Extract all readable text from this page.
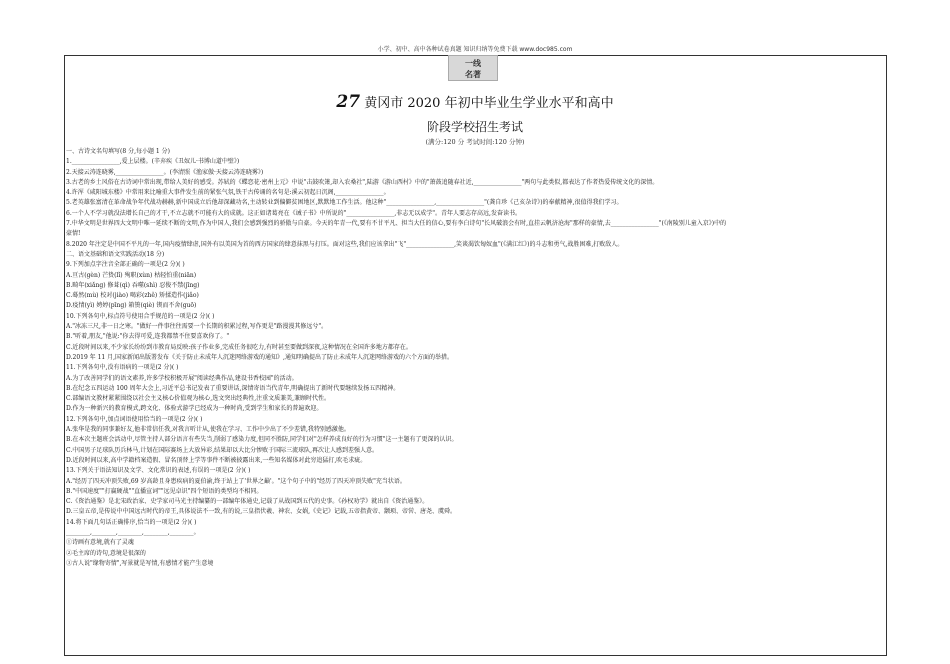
小学、初中、高中各种试卷真题 知识归纳等免费下载 www.doc985.com
一线
名著
27 黄冈市 2020 年初中毕业生学业水平和高中
阶段学校招生考试
(满分:120 分 考试时间:120 分钟)
一、古诗文名句填写(8 分,每小题 1 分)
1.________________,爱上层楼。(辛弃疾《丑奴儿·书博山道中壁》)
2.天接云涛连晓雾,________________。(李清照《渔家傲·天接云涛连晓雾》)
3.古老的乡土风俗在古诗词中常出现,带给人美好的感受。苏轼的《蝶恋花·密州上元》中说"击鼓吹箫,却入农桑社",陆游《游山西村》中的"箫鼓追随春社近,________________"两句与此类似,都表达了作者热爱传统文化的深情。
4.许浑《咸阳城东楼》中常用来比喻重大事件发生前的紧张气氛,铁干古传诵的名句是:溪云初起日沉阁,________________。
5.老英雄张富清在革命战争年代战功赫赫,新中国成立后他却深藏功名,主动转业到偏僻贫困地区,默默地工作生活。他这种"________________,________________"(龚自珍《己亥杂诗》)的奉献精神,很值得我们学习。
6.一个人不学习就没法增长自己的才干,不立志就不可能有大的成就。这正如诸葛亮在《诫子书》中所说的"________________,非志无以成学"。青年人要志存高远,发奋读书。
7.中华文明是世界四大文明中唯一延续不断的文明,作为中国人,我们会感到强烈的骄傲与自豪。今天的年青一代,要有不甘平凡、担当大任的信心,要有李白诗句"长风破浪会有时,直挂云帆济沧海"那样的豪情,去________________"(《南陵别儿童入京》)中的
豪情!
8.2020 年注定是中国不平凡的一年,国内疫情肆虐,国外有以美国为首的西方国家的肆意抹黑与打压。面对这些,我们应该拿出"飞"________________,笑谈渴饮匈奴血"(《满江红》)的斗志和勇气,战胜困难,打败敌人。
二、语文基础和语文实践活动(18 分)
9.下列加点字注音全部正确的一项是(2 分)( )
A.亘古(gèn) 芒贽(lǐ) 殉职(xùn) 枯轻怕重(niān)
B.畸年(xiǎng) 修葺(qì) 吞噬(shì) 忍俊不禁(jīng)
C.蓦然(mù) 校对(jiào) 喝彩(zhě) 矫揉造作(jiǎo)
D.疫情(yì) 娉婷(pīng) 箱篑(qiè) 锲而不舍(guō)
10.下列各句中,标点符号使用合乎规范的一项是(2 分)( )
A."冰冻三尺,非一日之寒。"做好一件事往往需要一个长期的积累过程,写作更是"路漫漫其修远兮"。
B."听着,朋友,"他说:"你去得可爱,连我都禁不住要喜欢你了。"
C.近段时间以来,不少家长纷纷到市教育局反映:孩子作业多,完成任务很吃力,有时甚至要做到深夜,这种情况在全国许多地方都存在。
D.2019 年 11 月,国家新闻出版署发布《关于防止未成年人沉迷网络游戏的通知》,通知明确提出了防止未成年人沉迷网络游戏的六个方面的举措。
11.下列各句中,没有语病的一项是(2 分)( )
A.为了改善同学们的语文素养,许多学校积极开展"阅读经典作品,建设书香校园"的活动。
B.在纪念五四运动 100 周年大会上,习近平总书记发表了重要讲话,深情寄语当代青年,明确提出了新时代要继续发扬五四精神。
C.部编语文教材紧紧围绕以社会主义核心价值观为核心,选文突出经典性,注重文质兼美,兼顾时代性。
D.作为一种新兴的教育模式,跨文化、体验式游学已经成为一种时尚,受到学生和家长的普遍欢迎。
12.下列各句中,加点词语使用恰当的一项是(2 分)( )
A.张华是我的同事兼好友,他非常信任我,对我言听计从,使我在学习、工作中少出了不少差错,我特别感激他。
B.在本次主题班会活动中,尽管主持人部分语言有些失当,削弱了感染力度,但同不胜防,同学们对"怎样养成良好的行为习惯"这一主题有了更深的认识。
C.中国男子足球队历兵林马,计划在国际赛场上大放异彩,结果却以大比分惨败于国际三流球队,再次让人感到差强人意。
D.近段时间以来,高中学籍档案造假、冒名顶替上学等事件不断被披露出来,一些知名媒体对此穷追猛打,吹毛求疵。
13.下列关于语法知识及文学、文化常识的表述,有误的一项是(2 分)( )
A."经历了四天冲顶失败,69 岁高龄且身患疾病的夏伯渝,终于站上了'世界之巅'。"这个句子中的"经历了四天冲顶失败"充当状语。
B."中国速度""打赢硬战""直播宣词""远见卓识"四个短语的类型均不相同。
C.《资治通鉴》是北宋政治家、史学家司马光主持编纂的一部编年体通史,记载了从战国到五代的史事。《孙权劝学》就出自《资治通鉴》。
D.三皇五帝,是传说中中国远古时代的帝王,具体说法不一致,有的说,三皇指伏羲、神农、女娲,《史记》记载,五帝指黄帝、颛顼、帝喾、唐尧、虞舜。
14.将下面几句话正确排序,恰当的一项是(2 分)( )
________,________,________,________,________。
①诗画有意境,就有了灵魂
②毛主席的诗句,意境是很深的
③古人说"缘物寄情",写景就是写情,有感情才能产生意境
